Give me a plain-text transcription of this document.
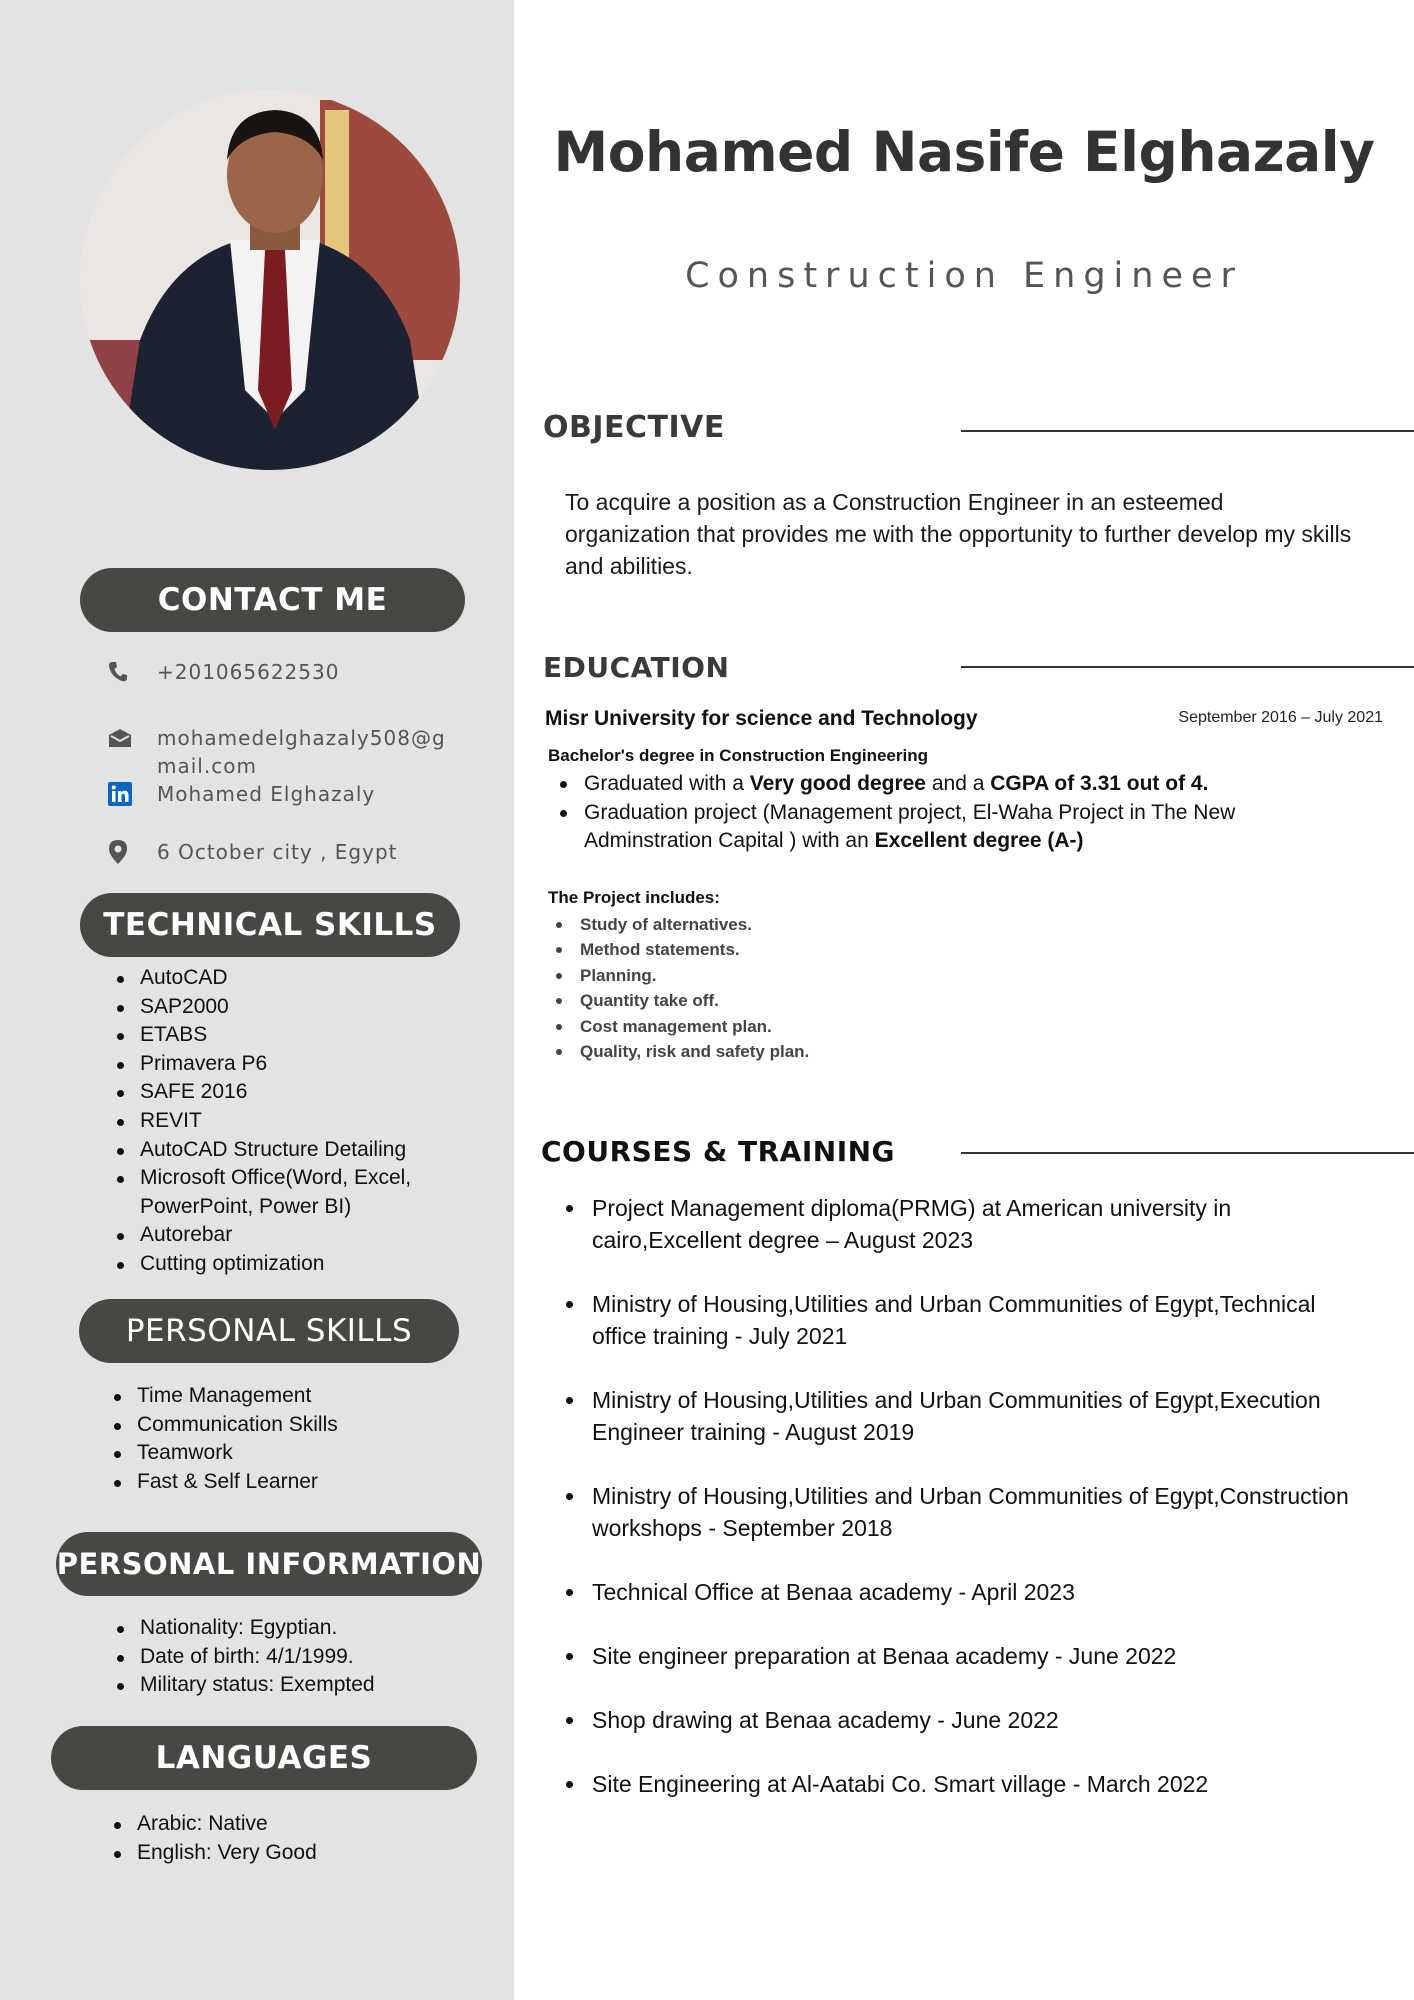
CONTACT ME
+201065622530
mohamedelghazaly508@gmail.com
Mohamed Elghazaly
6 October city , Egypt
TECHNICAL SKILLS
AutoCAD
SAP2000
ETABS
Primavera P6
SAFE 2016
REVIT
AutoCAD Structure Detailing
Microsoft Office(Word, Excel, PowerPoint, Power BI)
Autorebar
Cutting optimization
PERSONAL SKILLS
Time Management
Communication Skills
Teamwork
Fast & Self Learner
PERSONAL INFORMATION
Nationality: Egyptian.
Date of birth: 4/1/1999.
Military status: Exempted
LANGUAGES
Arabic: Native
English: Very Good
Mohamed Nasife Elghazaly
Construction Engineer
OBJECTIVE
To acquire a position as a Construction Engineer in an esteemed organization that provides me with the opportunity to further develop my skills and abilities.
EDUCATION
Misr University for science and Technology	September 2016 – July 2021
Bachelor's degree in Construction Engineering
Graduated with a Very good degree and a CGPA of 3.31 out of 4.
Graduation project (Management project, El-Waha Project in The New Adminstration Capital ) with an Excellent degree (A-)
The Project includes:
Study of alternatives.
Method statements.
Planning.
Quantity take off.
Cost management plan.
Quality, risk and safety plan.
COURSES & TRAINING
Project Management diploma(PRMG) at American university in cairo,Excellent degree – August 2023
Ministry of Housing,Utilities and Urban Communities of Egypt,Technical office training - July 2021
Ministry of Housing,Utilities and Urban Communities of Egypt,Execution Engineer training - August 2019
Ministry of Housing,Utilities and Urban Communities of Egypt,Construction workshops - September 2018
Technical Office at Benaa academy - April 2023
Site engineer preparation at Benaa academy - June 2022
Shop drawing at Benaa academy - June 2022
Site Engineering at Al-Aatabi Co. Smart village - March 2022
